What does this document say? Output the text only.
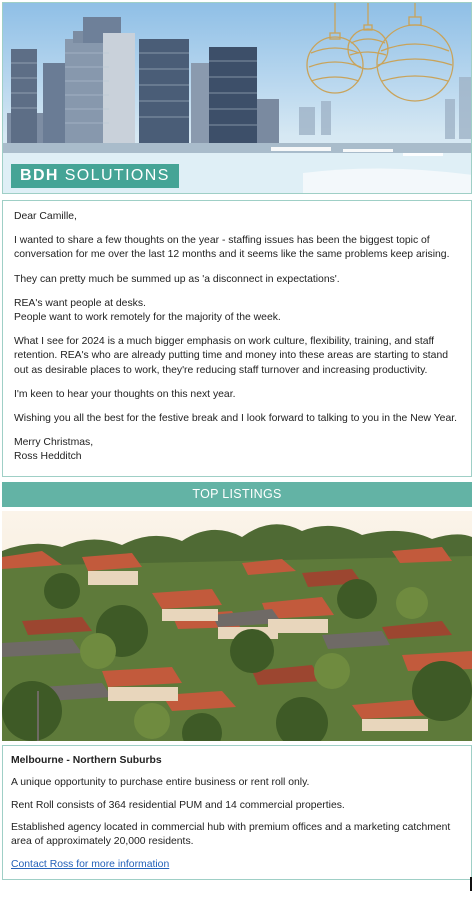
BDH SOLUTIONS

Dear Camille,

I wanted to share a few thoughts on the year - staffing issues has been the biggest topic of conversation for me over the last 12 months and it seems like the same problems keep arising.

They can pretty much be summed up as 'a disconnect in expectations'.

REA's want people at desks.
People want to work remotely for the majority of the week.

What I see for 2024 is a much bigger emphasis on work culture, flexibility, training, and staff retention. REA's who are already putting time and money into these areas are starting to stand out as desirable places to work, they're reducing staff turnover and increasing productivity.

I'm keen to hear your thoughts on this next year.

Wishing you all the best for the festive break and I look forward to talking to you in the New Year.

Merry Christmas,
Ross Hedditch

TOP LISTINGS
Melbourne - Northern Suburbs

A unique opportunity to purchase entire business or rent roll only.

Rent Roll consists of 364 residential PUM and 14 commercial properties.

Established agency located in commercial hub with premium offices and a marketing catchment area of approximately 20,000 residents.

Contact Ross for more information
